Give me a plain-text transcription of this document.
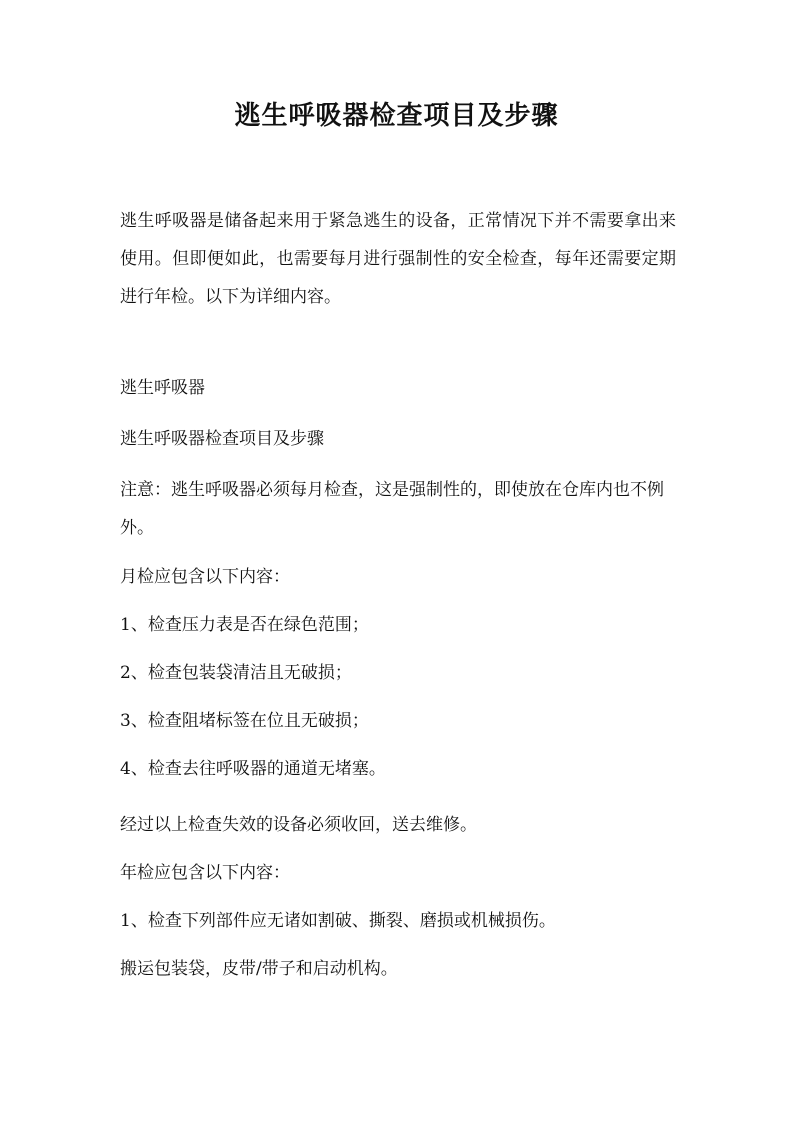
逃生呼吸器检查项目及步骤

逃生呼吸器是储备起来用于紧急逃生的设备，正常情况下并不需要拿出来使用。但即便如此，也需要每月进行强制性的安全检查，每年还需要定期进行年检。以下为详细内容。

逃生呼吸器

逃生呼吸器检查项目及步骤

注意：逃生呼吸器必须每月检查，这是强制性的，即使放在仓库内也不例外。

月检应包含以下内容：

1、检查压力表是否在绿色范围；

2、检查包装袋清洁且无破损；

3、检查阻堵标签在位且无破损；

4、检查去往呼吸器的通道无堵塞。

经过以上检查失效的设备必须收回，送去维修。

年检应包含以下内容：

1、检查下列部件应无诸如割破、撕裂、磨损或机械损伤。

搬运包装袋，皮带/带子和启动机构。
